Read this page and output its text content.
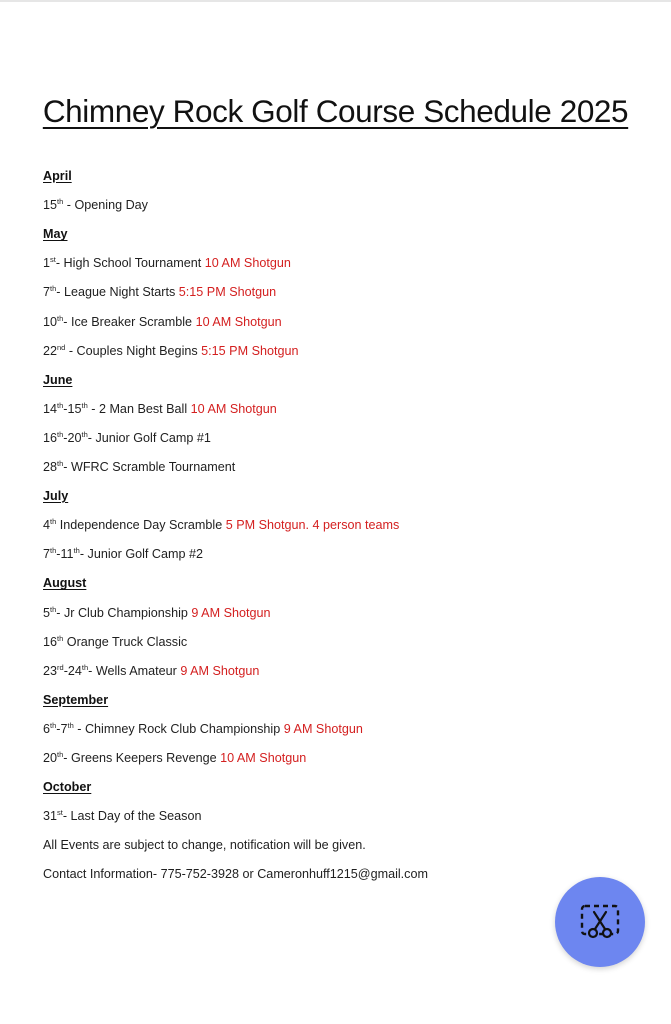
Chimney Rock Golf Course Schedule 2025
April
15th - Opening Day
May
1st- High School Tournament 10 AM Shotgun
7th- League Night Starts 5:15 PM Shotgun
10th- Ice Breaker Scramble 10 AM Shotgun
22nd - Couples Night Begins 5:15 PM Shotgun
June
14th-15th - 2 Man Best Ball 10 AM Shotgun
16th-20th- Junior Golf Camp #1
28th- WFRC Scramble Tournament
July
4th Independence Day Scramble 5 PM Shotgun. 4 person teams
7th-11th- Junior Golf Camp #2
August
5th- Jr Club Championship 9 AM Shotgun
16th Orange Truck Classic
23rd-24th- Wells Amateur 9 AM Shotgun
September
6th-7th - Chimney Rock Club Championship 9 AM Shotgun
20th- Greens Keepers Revenge 10 AM Shotgun
October
31st- Last Day of the Season
All Events are subject to change, notification will be given.
Contact Information- 775-752-3928 or Cameronhuff1215@gmail.com
